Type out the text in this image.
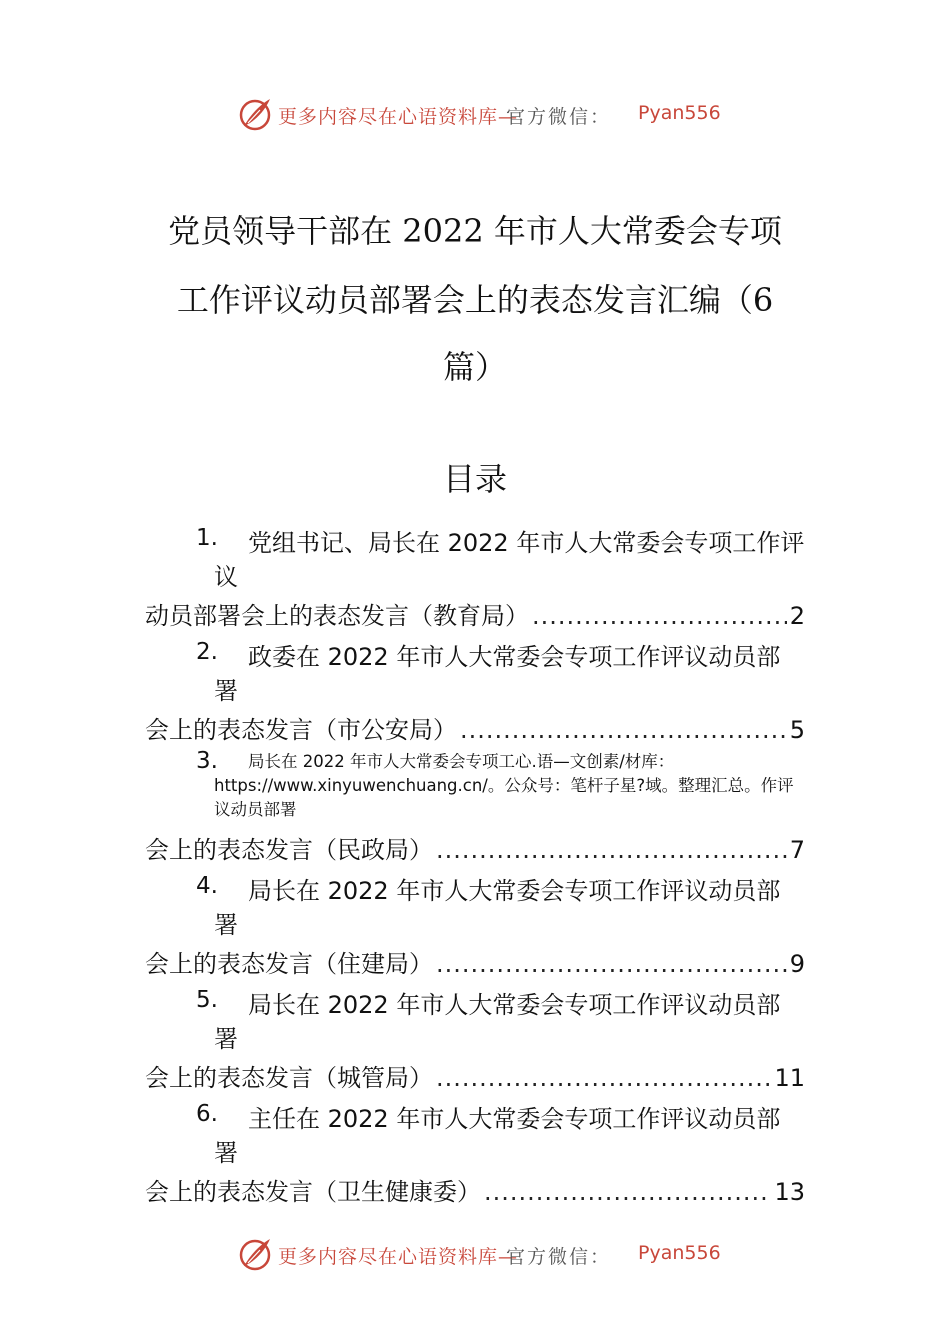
更多内容尽在心语资料库—
官方微信： Pyan556
党员领导干部在 2022 年市人大常委会专项
工作评议动员部署会上的表态发言汇编（6
篇）
目录
1. 党组书记、局长在 2022 年市人大常委会专项工作评
议
动员部署会上的表态发言（教育局） .....	2
2. 政委在 2022 年市人大常委会专项工作评议动员部
署
会上的表态发言（市公安局） .....	5
3. 局长在 2022 年市人大常委会专项工心.语—文创素/材库：
https://www.xinyuwenchuang.cn/。公众号：笔杆子星?域。整理汇总。作评
议动员部署
会上的表态发言（民政局） .....	7
4. 局长在 2022 年市人大常委会专项工作评议动员部
署
会上的表态发言（住建局） .....	9
5. 局长在 2022 年市人大常委会专项工作评议动员部
署
会上的表态发言（城管局） .....	11
6. 主任在 2022 年市人大常委会专项工作评议动员部
署
会上的表态发言（卫生健康委） .....	13
更多内容尽在心语资料库—
官方微信： Pyan556
